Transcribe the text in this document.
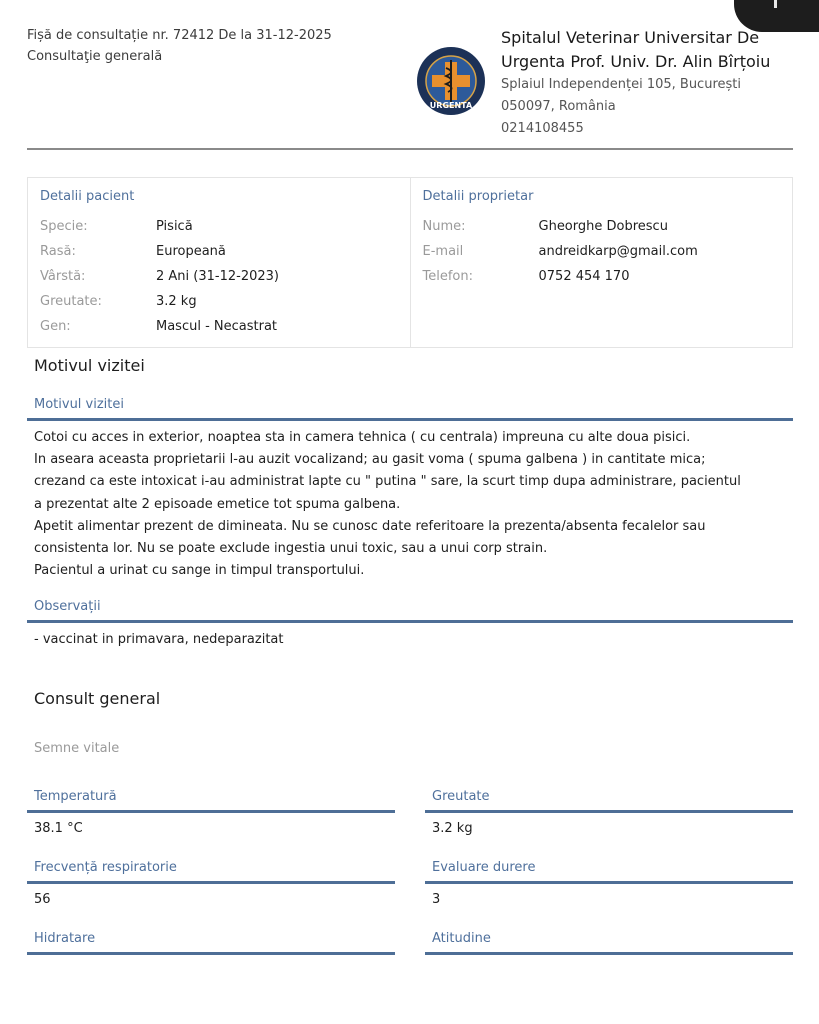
Fișă de consultație nr. 72412 De la 31-12-2025
Consultaţie generală
URGENTA
Spitalul Veterinar Universitar De Urgenta Prof. Univ. Dr. Alin Bîrțoiu
Splaiul Independenței 105, București
050097, România
0214108455
Detalii pacient
Specie:	Pisică
Rasă:	Europeană
Vârstă:	2 Ani (31-12-2023)
Greutate:	3.2 kg
Gen:	Mascul - Necastrat
Detalii proprietar
Nume:	Gheorghe Dobrescu
E-mail	andreidkarp@gmail.com
Telefon:	0752 454 170
Motivul vizitei
Motivul vizitei
Cotoi cu acces in exterior, noaptea sta in camera tehnica ( cu centrala) impreuna cu alte doua pisici.
In aseara aceasta proprietarii l-au auzit vocalizand; au gasit voma ( spuma galbena ) in cantitate mica;
crezand ca este intoxicat i-au administrat lapte cu " putina " sare, la scurt timp dupa administrare, pacientul
a prezentat alte 2 episoade emetice tot spuma galbena.
Apetit alimentar prezent de dimineata. Nu se cunosc date referitoare la prezenta/absenta fecalelor sau
consistenta lor. Nu se poate exclude ingestia unui toxic, sau a unui corp strain.
Pacientul a urinat cu sange in timpul transportului.
Observații
- vaccinat in primavara, nedeparazitat
Consult general
Semne vitale
Temperatură
38.1 °C
Greutate
3.2 kg
Frecvență respiratorie
56
Evaluare durere
3
Hidratare	Atitudine
